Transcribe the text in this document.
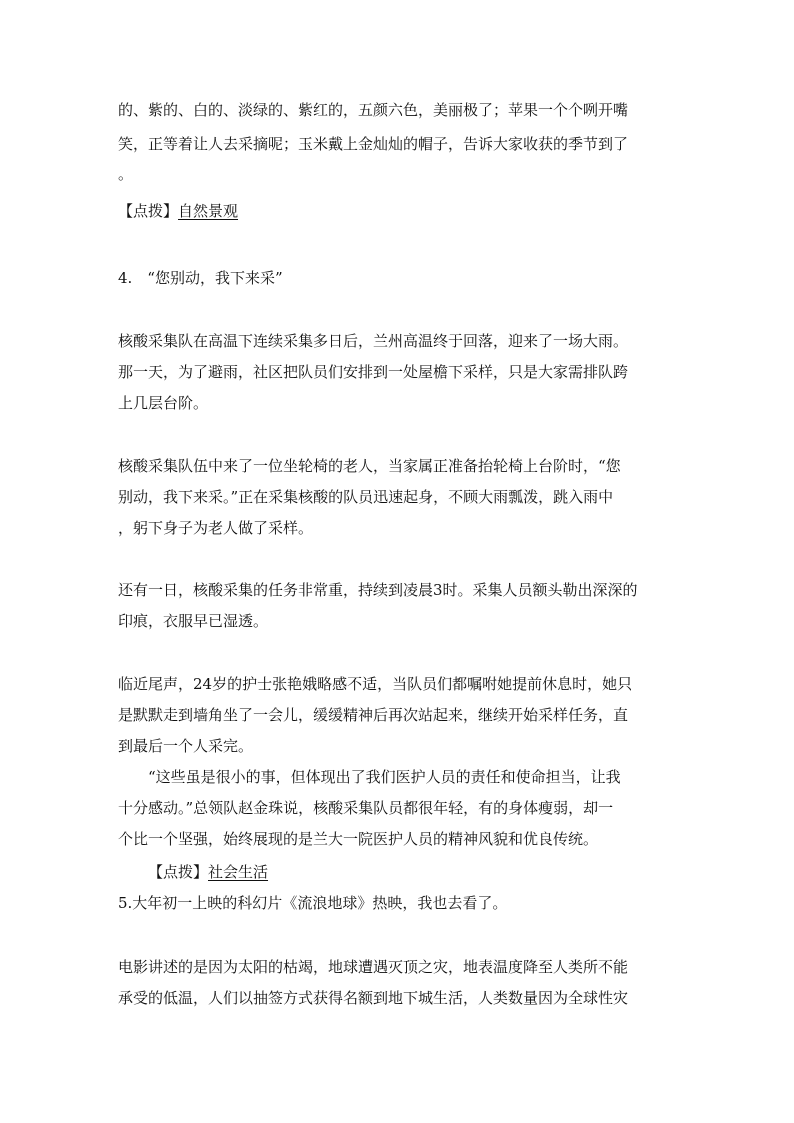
的、紫的、白的、淡绿的、紫红的，五颜六色，美丽极了；苹果一个个咧开嘴

笑，正等着让人去采摘呢；玉米戴上金灿灿的帽子，告诉大家收获的季节到了

。

【点拨】自然景观

4.　“您别动，我下来采”

核酸采集队在高温下连续采集多日后，兰州高温终于回落，迎来了一场大雨。

那一天，为了避雨，社区把队员们安排到一处屋檐下采样，只是大家需排队跨

上几层台阶。

核酸采集队伍中来了一位坐轮椅的老人，当家属正准备抬轮椅上台阶时，“您

别动，我下来采。”正在采集核酸的队员迅速起身，不顾大雨瓢泼，跳入雨中

，躬下身子为老人做了采样。

还有一日，核酸采集的任务非常重，持续到凌晨3时。采集人员额头勒出深深的

印痕，衣服早已湿透。

临近尾声，24岁的护士张艳娥略感不适，当队员们都嘱咐她提前休息时，她只

是默默走到墙角坐了一会儿，缓缓精神后再次站起来，继续开始采样任务，直

到最后一个人采完。

　　“这些虽是很小的事，但体现出了我们医护人员的责任和使命担当，让我

十分感动。”总领队赵金珠说，核酸采集队员都很年轻，有的身体瘦弱，却一

个比一个坚强，始终展现的是兰大一院医护人员的精神风貌和优良传统。

【点拨】社会生活

5.大年初一上映的科幻片《流浪地球》热映，我也去看了。

电影讲述的是因为太阳的枯竭，地球遭遇灭顶之灾，地表温度降至人类所不能

承受的低温，人们以抽签方式获得名额到地下城生活，人类数量因为全球性灾
